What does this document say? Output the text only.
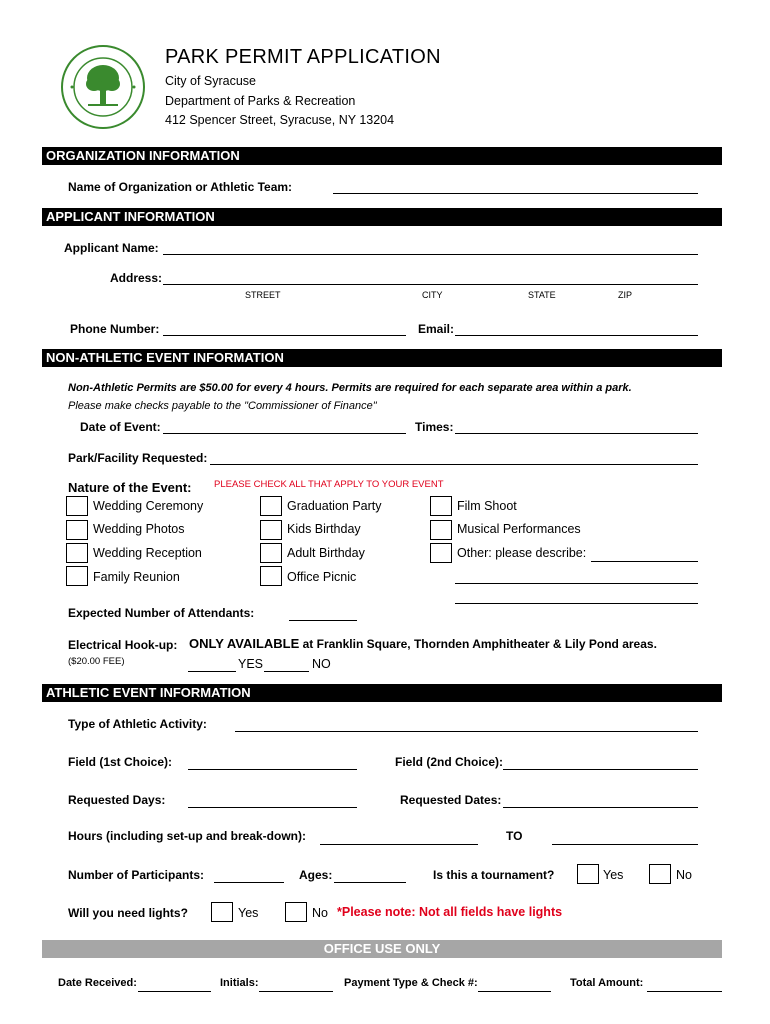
PARK PERMIT APPLICATION
City of Syracuse
Department of Parks & Recreation
412 Spencer Street, Syracuse, NY 13204
ORGANIZATION INFORMATION
Name of Organization or Athletic Team:
APPLICANT INFORMATION
Applicant Name:
Address:
STREET	CITY	STATE	ZIP
Phone Number:	Email:
NON-ATHLETIC EVENT INFORMATION
Non-Athletic Permits are $50.00 for every 4 hours. Permits are required for each separate area within a park.
Please make checks payable to the "Commissioner of Finance"
Date of Event:	Times:
Park/Facility Requested:
Nature of the Event: PLEASE CHECK ALL THAT APPLY TO YOUR EVENT
Wedding Ceremony
Wedding Photos
Wedding Reception
Family Reunion
Graduation Party
Kids Birthday
Adult Birthday
Office Picnic
Film Shoot
Musical Performances
Other: please describe:
Expected Number of Attendants:
Electrical Hook-up: ONLY AVAILABLE at Franklin Square, Thornden Amphitheater & Lily Pond areas.
($20.00 FEE)	YES	NO
ATHLETIC EVENT INFORMATION
Type of Athletic Activity:
Field (1st Choice):	Field (2nd Choice):
Requested Days:	Requested Dates:
Hours (including set-up and break-down):	TO
Number of Participants:	Ages:	Is this a tournament?	Yes	No
Will you need lights?	Yes	No *Please note: Not all fields have lights
OFFICE USE ONLY
Date Received:	Initials:	Payment Type & Check #:	Total Amount:
